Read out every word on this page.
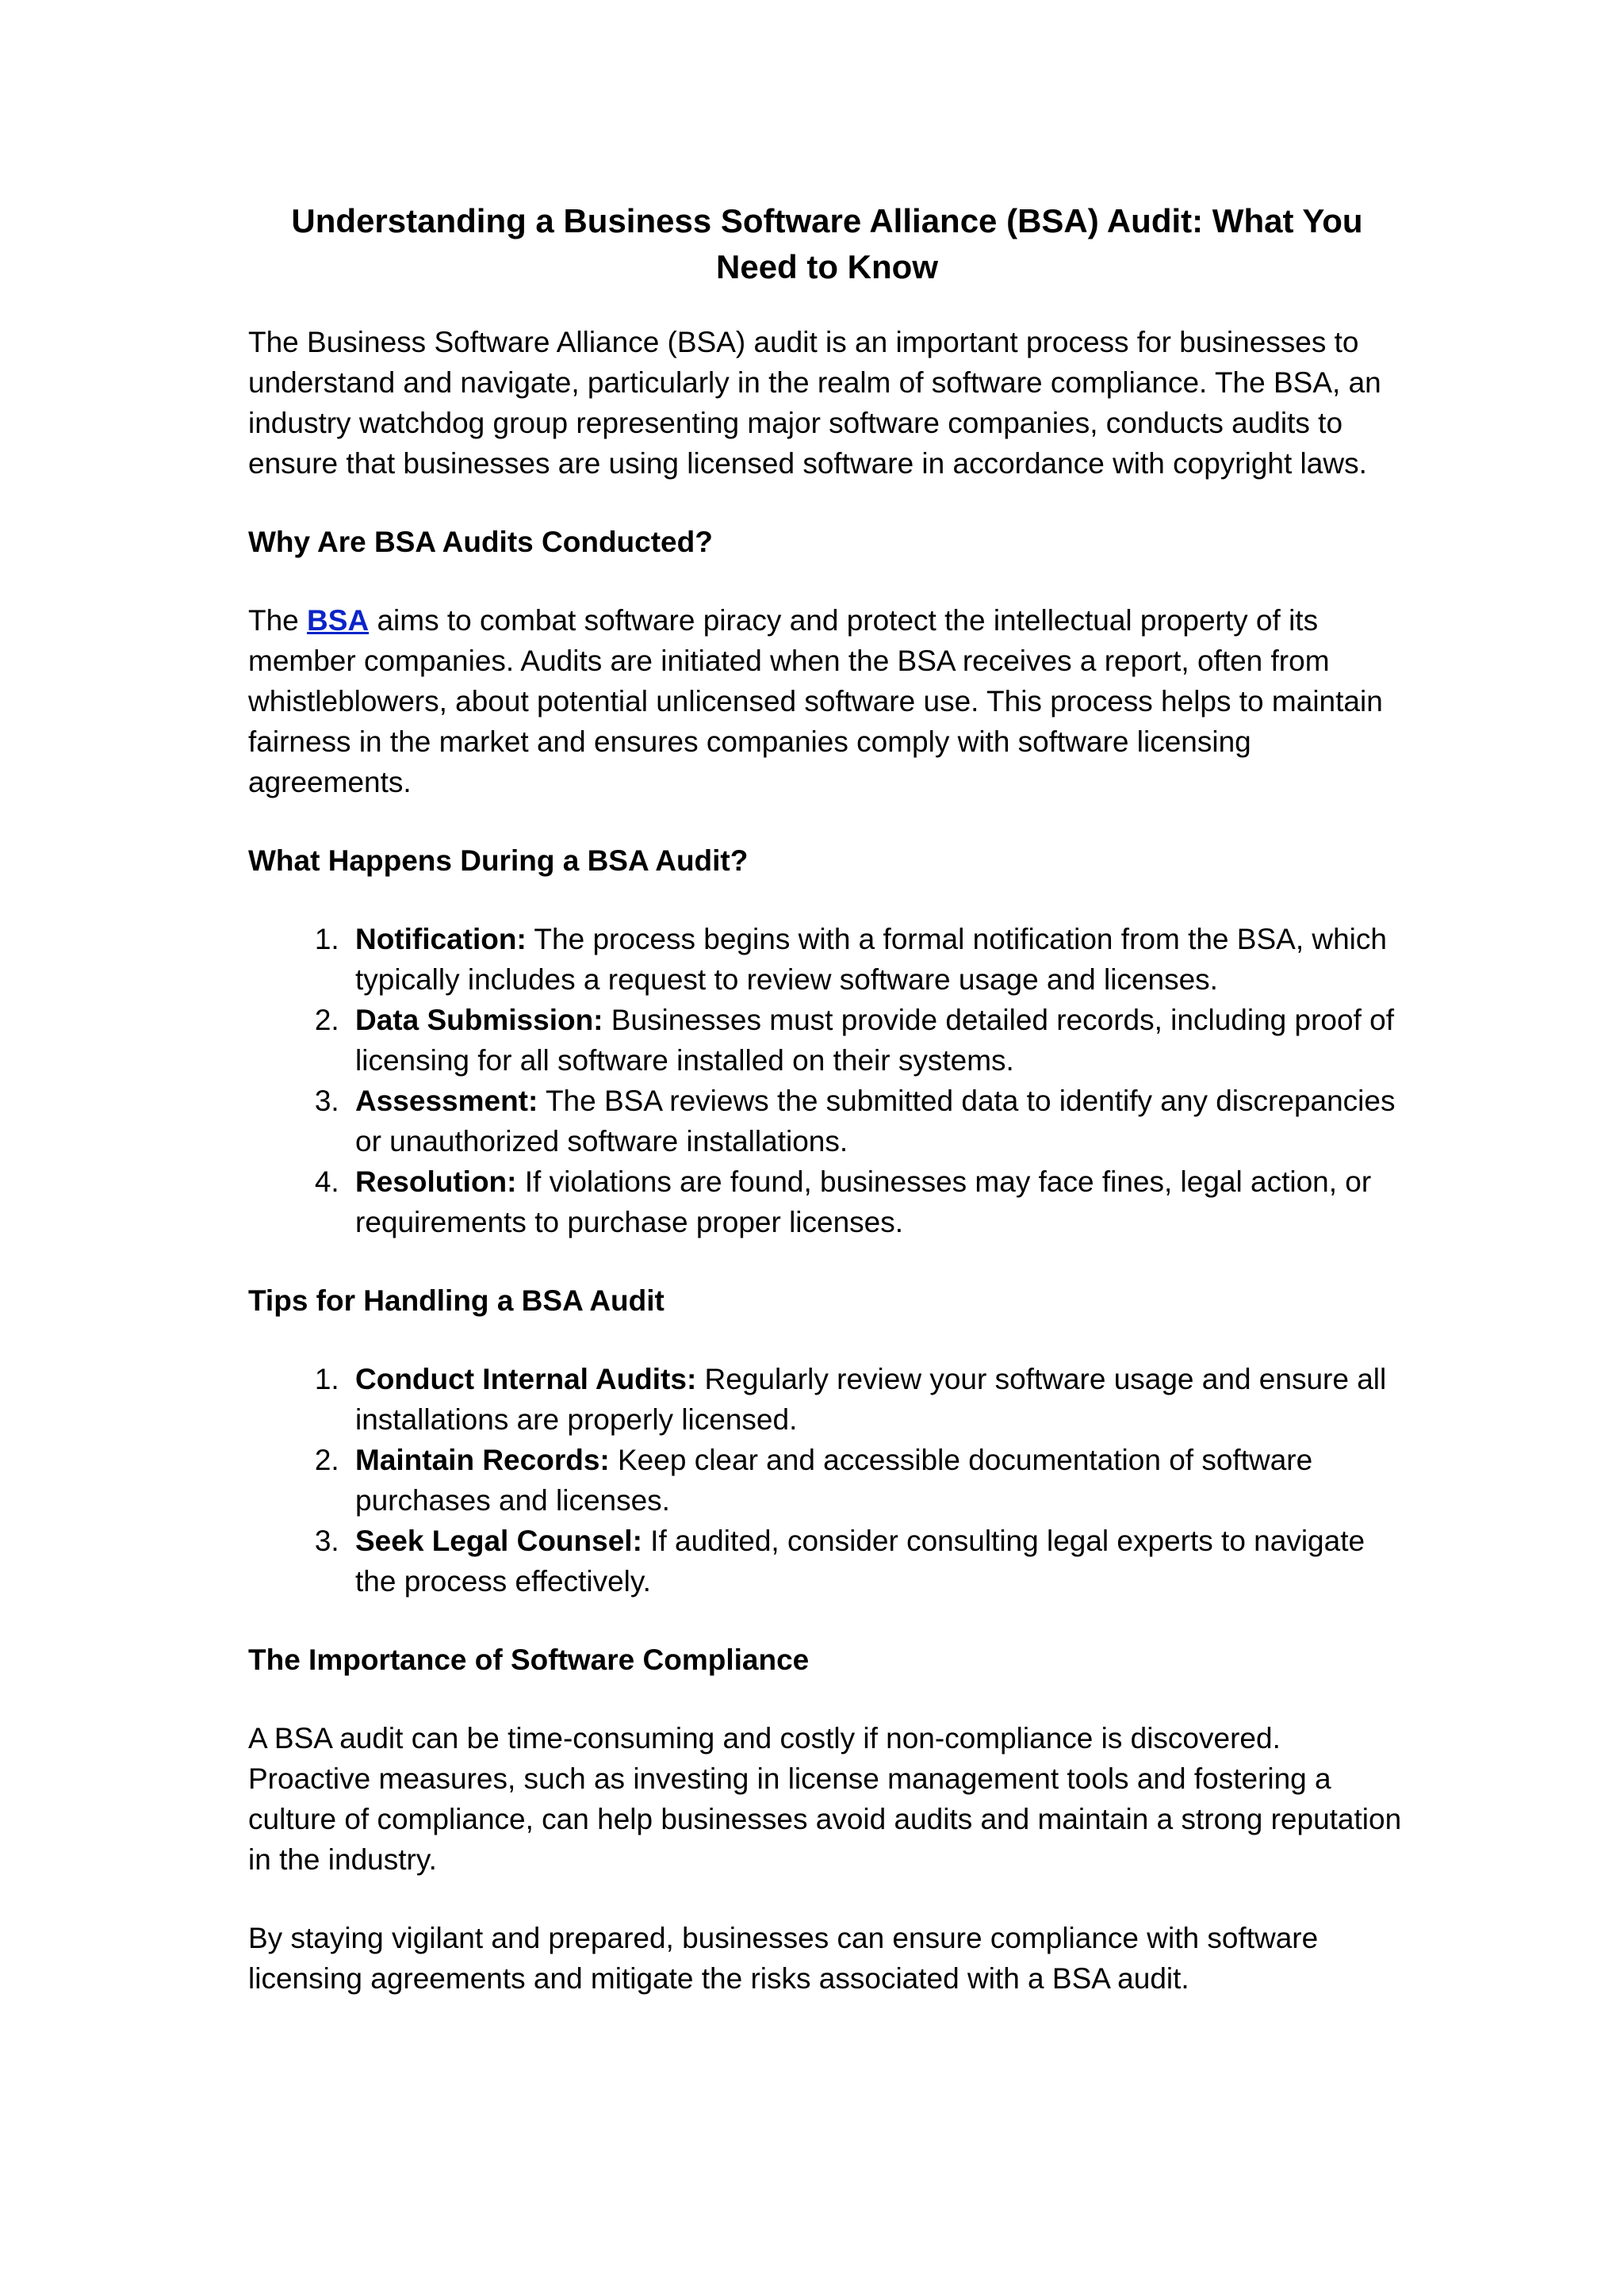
Understanding a Business Software Alliance (BSA) Audit: What You Need to Know

The Business Software Alliance (BSA) audit is an important process for businesses to understand and navigate, particularly in the realm of software compliance. The BSA, an industry watchdog group representing major software companies, conducts audits to ensure that businesses are using licensed software in accordance with copyright laws.

Why Are BSA Audits Conducted?

The BSA aims to combat software piracy and protect the intellectual property of its member companies. Audits are initiated when the BSA receives a report, often from whistleblowers, about potential unlicensed software use. This process helps to maintain fairness in the market and ensures companies comply with software licensing agreements.

What Happens During a BSA Audit?
1. Notification: The process begins with a formal notification from the BSA, which typically includes a request to review software usage and licenses.
2. Data Submission: Businesses must provide detailed records, including proof of licensing for all software installed on their systems.
3. Assessment: The BSA reviews the submitted data to identify any discrepancies or unauthorized software installations.
4. Resolution: If violations are found, businesses may face fines, legal action, or requirements to purchase proper licenses.
Tips for Handling a BSA Audit
1. Conduct Internal Audits: Regularly review your software usage and ensure all installations are properly licensed.
2. Maintain Records: Keep clear and accessible documentation of software purchases and licenses.
3. Seek Legal Counsel: If audited, consider consulting legal experts to navigate the process effectively.
The Importance of Software Compliance

A BSA audit can be time-consuming and costly if non-compliance is discovered. Proactive measures, such as investing in license management tools and fostering a culture of compliance, can help businesses avoid audits and maintain a strong reputation in the industry.

By staying vigilant and prepared, businesses can ensure compliance with software licensing agreements and mitigate the risks associated with a BSA audit.
